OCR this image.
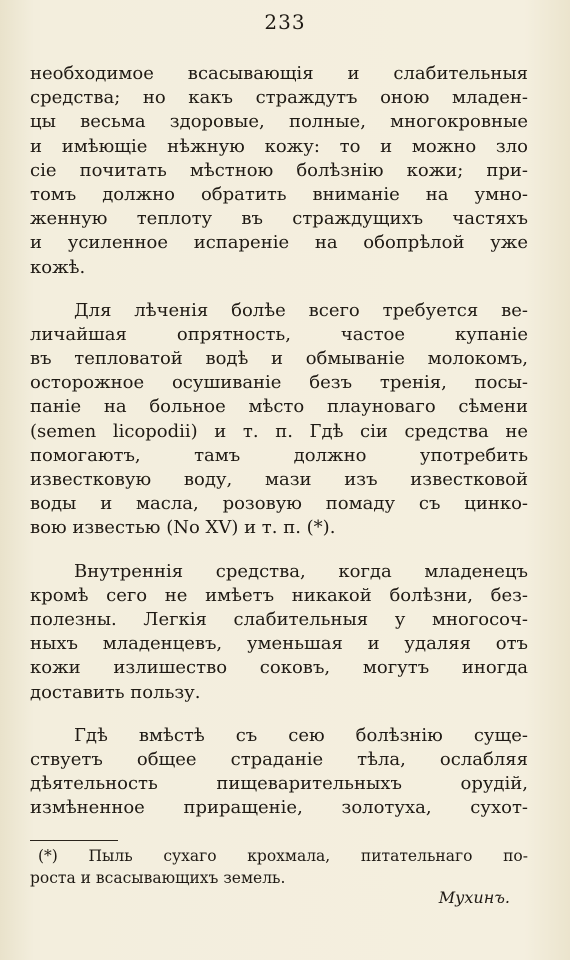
233
необходимое всасывающія и слабительныя
средства; но какъ страждутъ оною младен-
цы весьма здоровые, полные, многокровные
и имѣющіе нѣжную кожу: то и можно зло
сіе почитать мѣстною болѣзнію кожи; при-
томъ должно обратить вниманіе на умно-
женную теплоту въ страждущихъ частяхъ
и усиленное испареніе на обопрѣлой уже
кожѣ.
Для лѣченія болѣе всего требуется ве-
личайшая опрятность, частое купаніе
въ тепловатой водѣ и обмываніе молокомъ,
осторожное осушиваніе безъ тренія, посы-
паніе на больное мѣсто плауноваго сѣмени
(semen licopodii) и т. п. Гдѣ сіи средства не
помогаютъ, тамъ должно употребить
известковую воду, мази изъ известковой
воды и масла, розовую помаду съ цинко-
вою известью (No XV) и т. п. (*).
Внутреннія средства, когда младенецъ
кромѣ сего не имѣетъ никакой болѣзни, без-
полезны. Легкія слабительныя у многосоч-
ныхъ младенцевъ, уменьшая и удаляя отъ
кожи излишество соковъ, могутъ иногда
доставить пользу.
Гдѣ вмѣстѣ съ сею болѣзнію суще-
ствуетъ общее страданіе тѣла, ослабляя
дѣятельность пищеварительныхъ орудій,
измѣненное приращеніе, золотуха, сухот-
(*) Пыль сухаго крохмала, питательнаго по-
роста и всасывающихъ земель.
Мухинъ.
